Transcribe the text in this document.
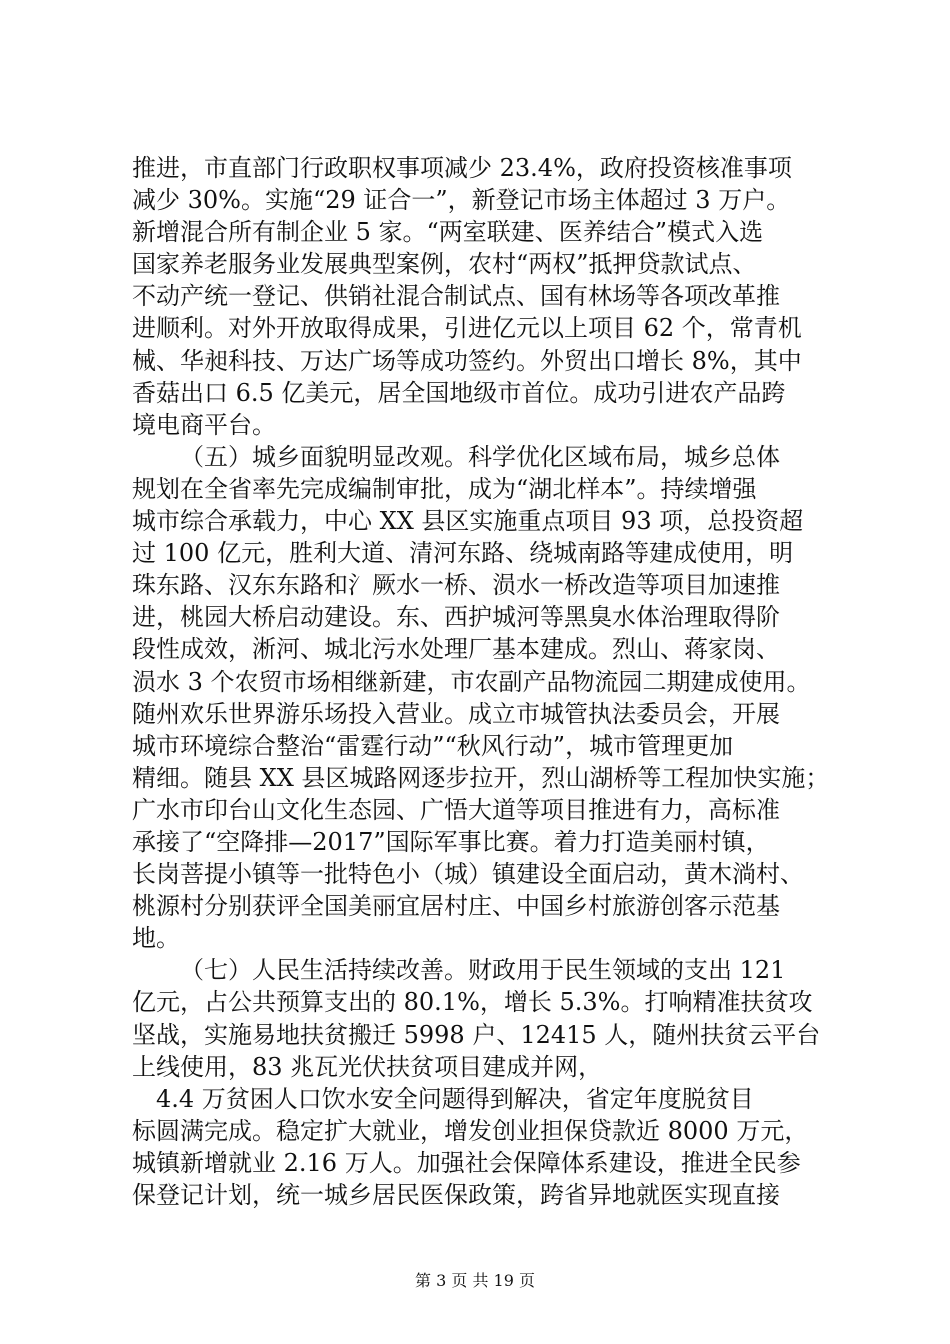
推进，市直部门行政职权事项减少 23.4%，政府投资核准事项
减少 30%。实施“29 证合一”，新登记市场主体超过 3 万户。
新增混合所有制企业 5 家。“两室联建、医养结合”模式入选
国家养老服务业发展典型案例，农村“两权”抵押贷款试点、
不动产统一登记、供销社混合制试点、国有林场等各项改革推
进顺利。对外开放取得成果，引进亿元以上项目 62 个，常青机
械、华昶科技、万达广场等成功签约。外贸出口增长 8%，其中
香菇出口 6.5 亿美元，居全国地级市首位。成功引进农产品跨
境电商平台。
（五）城乡面貌明显改观。科学优化区域布局，城乡总体
规划在全省率先完成编制审批，成为“湖北样本”。持续增强
城市综合承载力，中心 XX 县区实施重点项目 93 项，总投资超
过 100 亿元，胜利大道、清河东路、绕城南路等建成使用，明
珠东路、汉东东路和氵厥水一桥、涢水一桥改造等项目加速推
进，桃园大桥启动建设。东、西护城河等黑臭水体治理取得阶
段性成效，淅河、城北污水处理厂基本建成。烈山、蒋家岗、
涢水 3 个农贸市场相继新建，市农副产品物流园二期建成使用。
随州欢乐世界游乐场投入营业。成立市城管执法委员会，开展
城市环境综合整治“雷霆行动”“秋风行动”，城市管理更加
精细。随县 XX 县区城路网逐步拉开，烈山湖桥等工程加快实施；
广水市印台山文化生态园、广悟大道等项目推进有力，高标准
承接了“空降排—2017”国际军事比赛。着力打造美丽村镇，
长岗菩提小镇等一批特色小（城）镇建设全面启动，黄木淌村、
桃源村分别获评全国美丽宜居村庄、中国乡村旅游创客示范基
地。
（七）人民生活持续改善。财政用于民生领域的支出 121
亿元，占公共预算支出的 80.1%，增长 5.3%。打响精准扶贫攻
坚战，实施易地扶贫搬迁 5998 户、12415 人，随州扶贫云平台
上线使用，83 兆瓦光伏扶贫项目建成并网，
4.4 万贫困人口饮水安全问题得到解决，省定年度脱贫目
标圆满完成。稳定扩大就业，增发创业担保贷款近 8000 万元，
城镇新增就业 2.16 万人。加强社会保障体系建设，推进全民参
保登记计划，统一城乡居民医保政策，跨省异地就医实现直接
第 3 页 共 19 页
